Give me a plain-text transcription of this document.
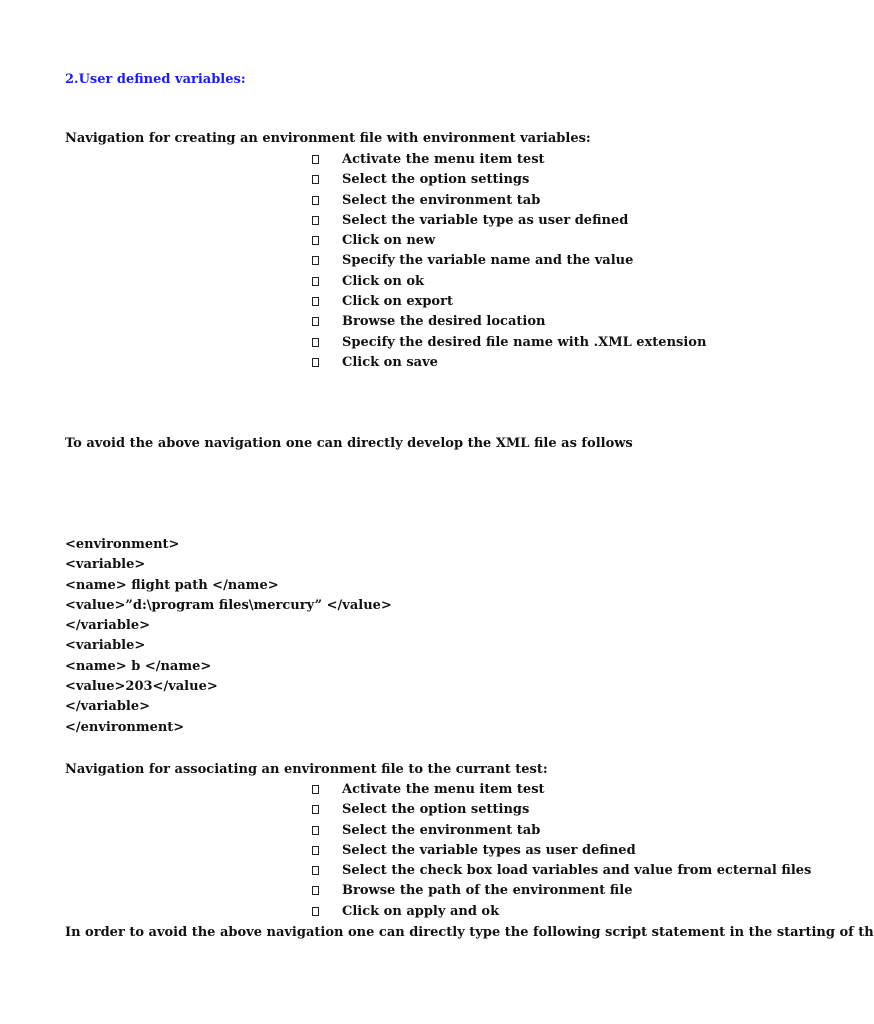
2.User defined variables:
Navigation for creating an environment file with environment variables:
Activate the menu item test
Select the option settings
Select the environment tab
Select the variable type as user defined
Click on new
Specify the variable name and the value
Click on ok
Click on export
Browse the desired location
Specify the desired file name with .XML extension
Click on save
To avoid the above navigation one can directly develop the XML file as follows
<environment>
<variable>
<name> flight path </name>
<value>”d:\program files\mercury” </value>
</variable>
<variable>
<name> b </name>
<value>203</value>
</variable>
</environment>
Navigation for associating an environment file to the currant test:
Activate the menu item test
Select the option settings
Select the environment tab
Select the variable types as user defined
Select the check box load variables and value from ecternal files
Browse the path of the environment file
Click on apply and ok
In order to avoid the above navigation one can directly type the following script statement in the starting of th
